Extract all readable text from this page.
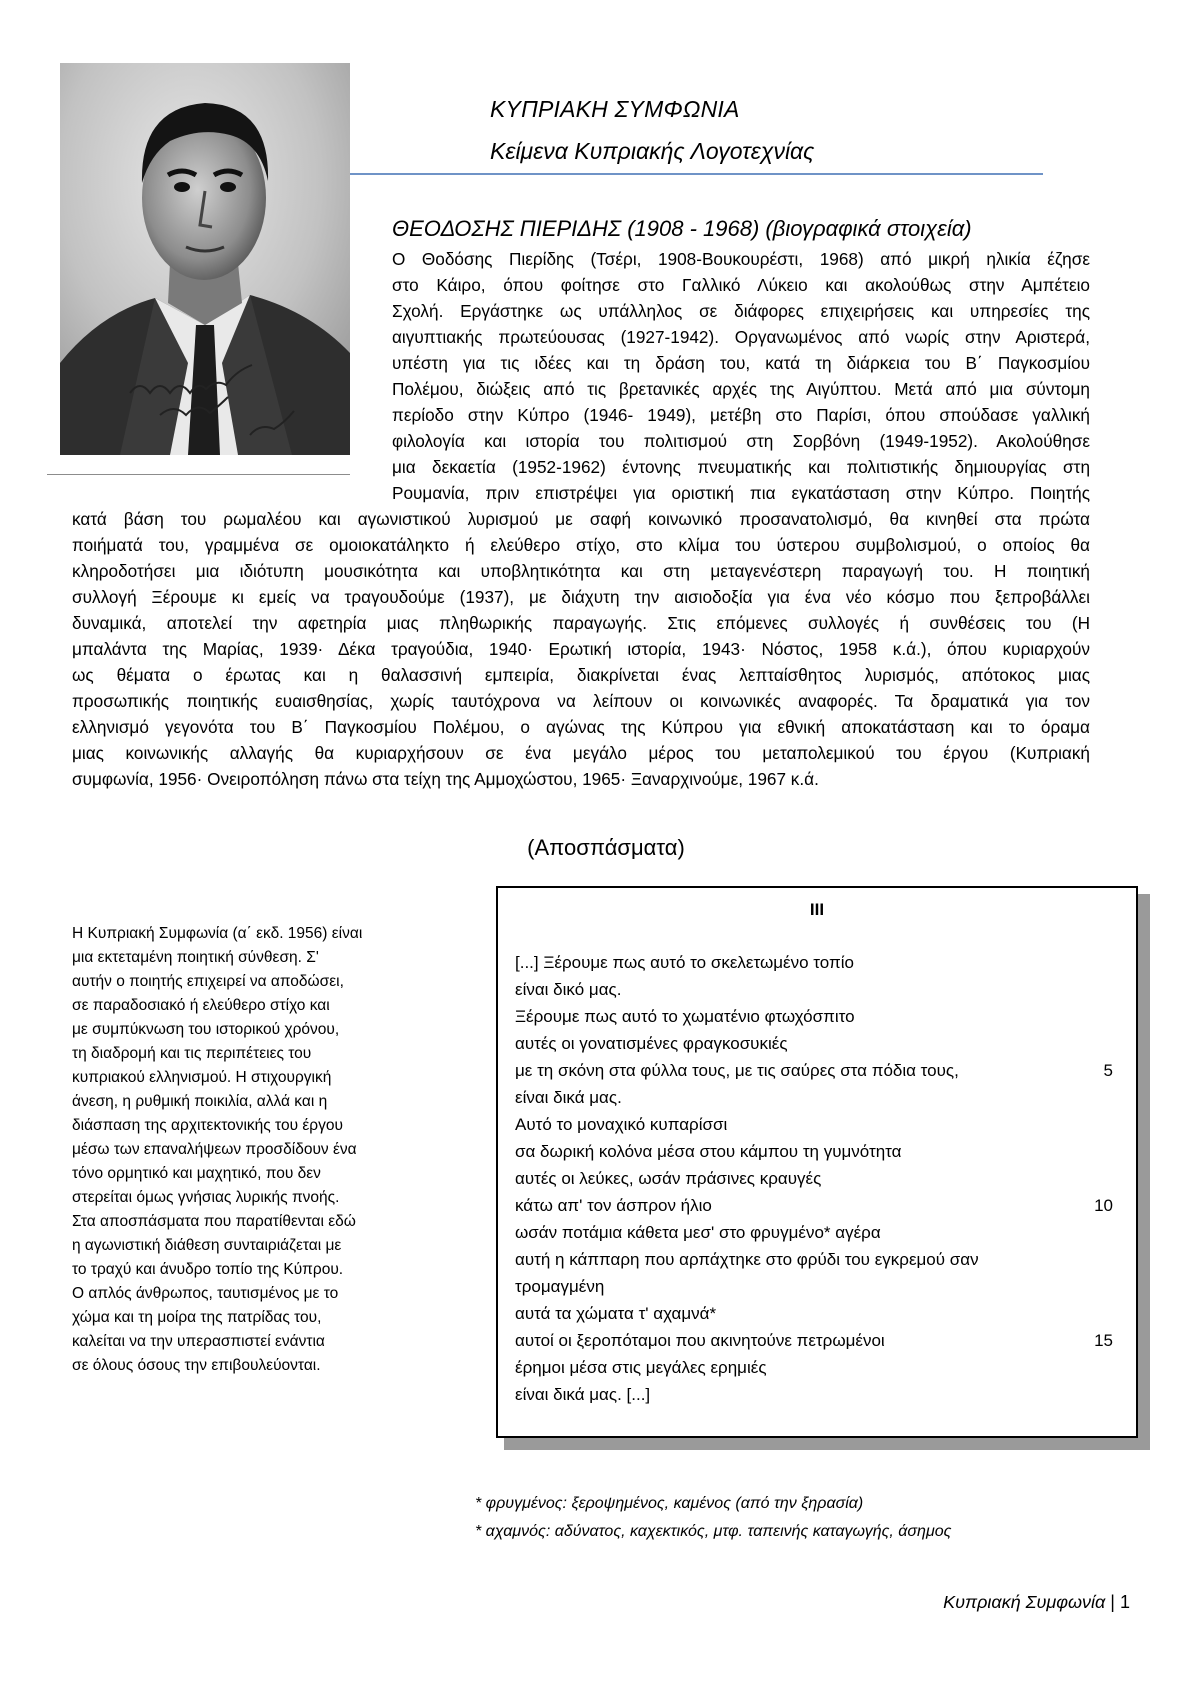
ΚΥΠΡΙΑΚΗ ΣΥΜΦΩΝΙΑ
Κείμενα Κυπριακής Λογοτεχνίας
ΘΕΟΔΟΣΗΣ ΠΙΕΡΙΔΗΣ (1908 - 1968) (βιογραφικά στοιχεία)
Ο Θοδόσης Πιερίδης (Τσέρι, 1908-Βουκουρέστι, 1968) από μικρή ηλικία έζησε
στο Κάιρο, όπου φοίτησε στο Γαλλικό Λύκειο και ακολούθως στην Αμπέτειο
Σχολή. Εργάστηκε ως υπάλληλος σε διάφορες επιχειρήσεις και υπηρεσίες της
αιγυπτιακής πρωτεύουσας (1927-1942). Οργανωμένος από νωρίς στην Αριστερά,
υπέστη για τις ιδέες και τη δράση του, κατά τη διάρκεια του Β΄ Παγκοσμίου
Πολέμου, διώξεις από τις βρετανικές αρχές της Αιγύπτου. Μετά από μια σύντομη
περίοδο στην Κύπρο (1946- 1949), μετέβη στο Παρίσι, όπου σπούδασε γαλλική
φιλολογία και ιστορία του πολιτισμού στη Σορβόνη (1949-1952). Ακολούθησε
μια δεκαετία (1952-1962) έντονης πνευματικής και πολιτιστικής δημιουργίας στη
Ρουμανία, πριν επιστρέψει για οριστική πια εγκατάσταση στην Κύπρο. Ποιητής
κατά βάση του ρωμαλέου και αγωνιστικού λυρισμού με σαφή κοινωνικό προσανατολισμό, θα κινηθεί στα πρώτα
ποιήματά του, γραμμένα σε ομοιοκατάληκτο ή ελεύθερο στίχο, στο κλίμα του ύστερου συμβολισμού, ο οποίος θα
κληροδοτήσει μια ιδιότυπη μουσικότητα και υποβλητικότητα και στη μεταγενέστερη παραγωγή του. Η ποιητική
συλλογή Ξέρουμε κι εμείς να τραγουδούμε (1937), με διάχυτη την αισιοδοξία για ένα νέο κόσμο που ξεπροβάλλει
δυναμικά, αποτελεί την αφετηρία μιας πληθωρικής παραγωγής. Στις επόμενες συλλογές ή συνθέσεις του (Η
μπαλάντα της Μαρίας, 1939· Δέκα τραγούδια, 1940· Ερωτική ιστορία, 1943· Νόστος, 1958 κ.ά.), όπου κυριαρχούν
ως θέματα ο έρωτας και η θαλασσινή εμπειρία, διακρίνεται ένας λεπταίσθητος λυρισμός, απότοκος μιας
προσωπικής ποιητικής ευαισθησίας, χωρίς ταυτόχρονα να λείπουν οι κοινωνικές αναφορές. Τα δραματικά για τον
ελληνισμό γεγονότα του Β΄ Παγκοσμίου Πολέμου, ο αγώνας της Κύπρου για εθνική αποκατάσταση και το όραμα
μιας κοινωνικής αλλαγής θα κυριαρχήσουν σε ένα μεγάλο μέρος του μεταπολεμικού του έργου (Κυπριακή
συμφωνία, 1956· Ονειροπόληση πάνω στα τείχη της Αμμοχώστου, 1965· Ξαναρχινούμε, 1967 κ.ά.
(Αποσπάσματα)
Η Κυπριακή Συμφωνία (α΄ εκδ. 1956) είναι
μια εκτεταμένη ποιητική σύνθεση. Σ'
αυτήν ο ποιητής επιχειρεί να αποδώσει,
σε παραδοσιακό ή ελεύθερο στίχο και
με συμπύκνωση του ιστορικού χρόνου,
τη διαδρομή και τις περιπέτειες του
κυπριακού ελληνισμού. Η στιχουργική
άνεση, η ρυθμική ποικιλία, αλλά και η
διάσπαση της αρχιτεκτονικής του έργου
μέσω των επαναλήψεων προσδίδουν ένα
τόνο ορμητικό και μαχητικό, που δεν
στερείται όμως γνήσιας λυρικής πνοής.
Στα αποσπάσματα που παρατίθενται εδώ
η αγωνιστική διάθεση συνταιριάζεται με
το τραχύ και άνυδρο τοπίο της Κύπρου.
Ο απλός άνθρωπος, ταυτισμένος με το
χώμα και τη μοίρα της πατρίδας του,
καλείται να την υπερασπιστεί ενάντια
σε όλους όσους την επιβουλεύονται.
III
[...] Ξέρουμε πως αυτό το σκελετωμένο τοπίο
είναι δικό μας.
Ξέρουμε πως αυτό το χωματένιο φτωχόσπιτο
αυτές οι γονατισμένες φραγκοσυκιές
με τη σκόνη στα φύλλα τους, με τις σαύρες στα πόδια τους,
είναι δικά μας.
Αυτό το μοναχικό κυπαρίσσι
σα δωρική κολόνα μέσα στου κάμπου τη γυμνότητα
αυτές οι λεύκες, ωσάν πράσινες κραυγές
κάτω απ' τον άσπρον ήλιο
ωσάν ποτάμια κάθετα μεσ' στο φρυγμένο* αγέρα
αυτή η κάππαρη που αρπάχτηκε στο φρύδι του εγκρεμού σαν
τρομαγμένη
αυτά τα χώματα τ' αχαμνά*
αυτοί οι ξεροπόταμοι που ακινητούνε πετρωμένοι
έρημοι μέσα στις μεγάλες ερημιές
είναι δικά μας. [...]
5
10
15
* φρυγμένος: ξεροψημένος, καμένος (από την ξηρασία)
* αχαμνός: αδύνατος, καχεκτικός, μτφ. ταπεινής καταγωγής, άσημος
Κυπριακή Συμφωνία | 1
